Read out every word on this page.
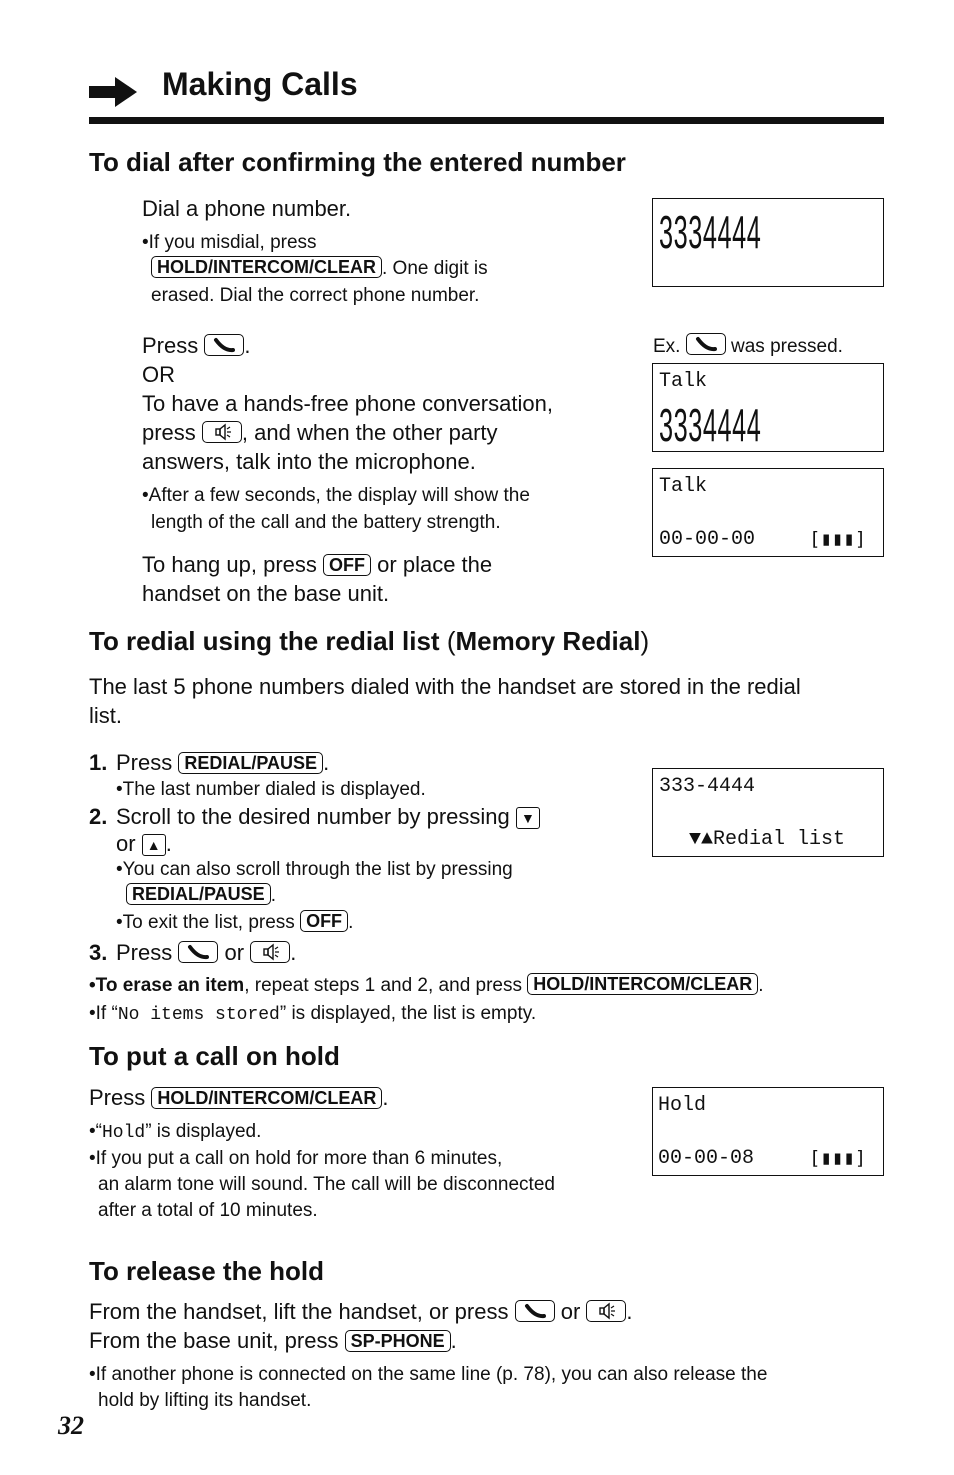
Making Calls
To dial after confirming the entered number
Dial a phone number.
•If you misdial, press
HOLD/INTERCOM/CLEAR . One digit is
erased. Dial the correct phone number.
Press .
OR
To have a hands-free phone conversation,
press , and when the other party
answers, talk into the microphone.
•After a few seconds, the display will show the
length of the call and the battery strength.
To hang up, press OFF or place the
handset on the base unit.
3334444
Ex.	was pressed.
Talk
3334444
Talk
00-00-00	[▮▮▮]
To redial using the redial list (Memory Redial)
The last 5 phone numbers dialed with the handset are stored in the redial
list.
1. Press REDIAL/PAUSE .
•The last number dialed is displayed.
2. Scroll to the desired number by pressing ▼
or ▲ .
•You can also scroll through the list by pressing
REDIAL/PAUSE .
•To exit the list, press OFF .
3. Press or .
•To erase an item, repeat steps 1 and 2, and press HOLD/INTERCOM/CLEAR .
•If “No items stored” is displayed, the list is empty.
333-4444
▼▲Redial list
To put a call on hold
Press HOLD/INTERCOM/CLEAR .
•“Hold” is displayed.
•If you put a call on hold for more than 6 minutes,
an alarm tone will sound. The call will be disconnected
after a total of 10 minutes.
Hold
00-00-08	[▮▮▮]
To release the hold
From the handset, lift the handset, or press or .
From the base unit, press SP-PHONE .
•If another phone is connected on the same line (p. 78), you can also release the
hold by lifting its handset.
32
